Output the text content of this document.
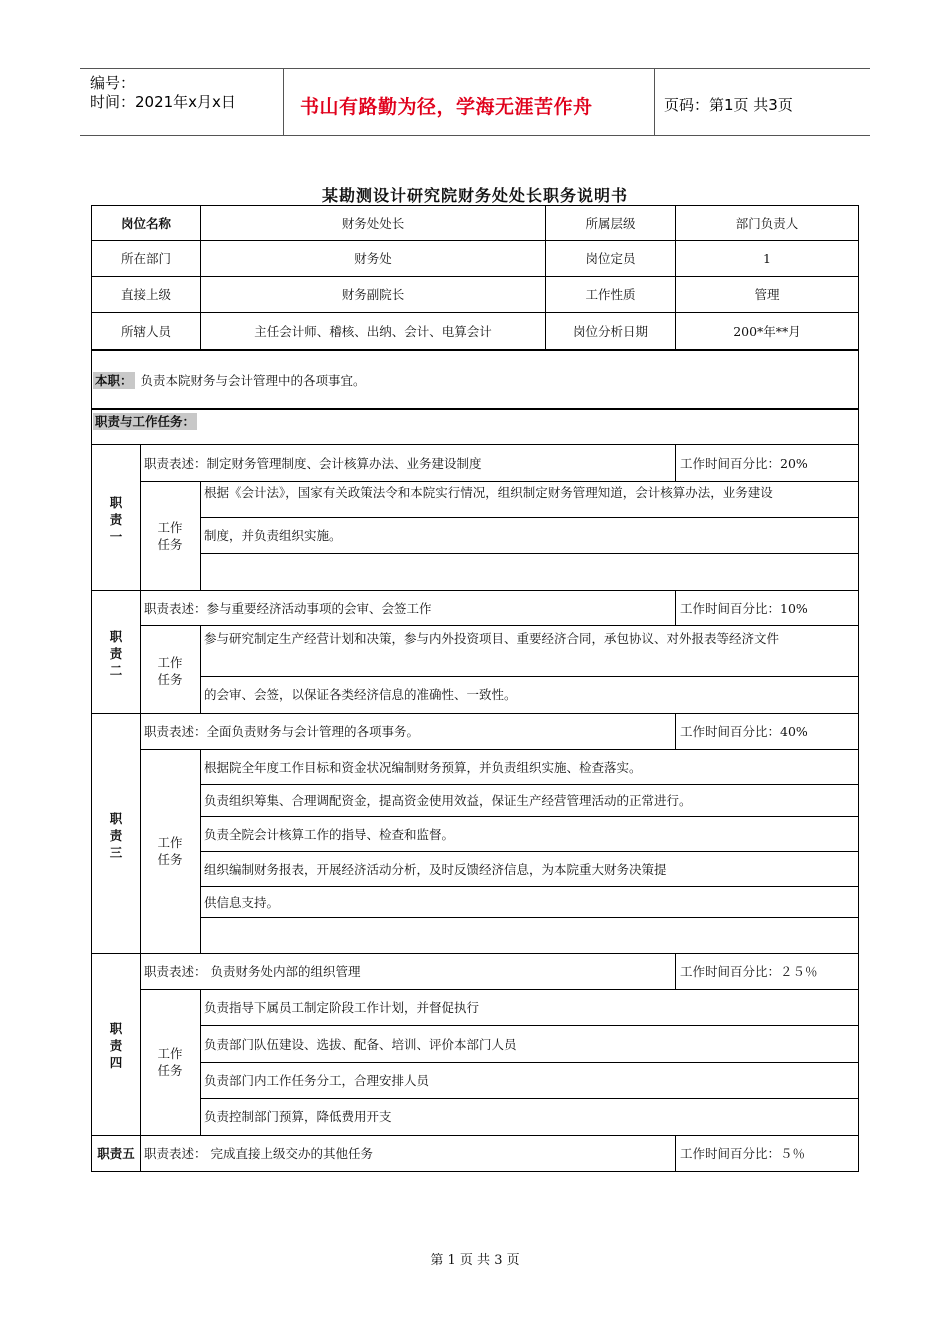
编号：
时间：2021年x月x日	书山有路勤为径，学海无涯苦作舟	页码：第1页 共3页
某勘测设计研究院财务处处长职务说明书
岗位名称	财务处处长	所属层级	部门负责人
所在部门	财务处	岗位定员	1
直接上级	财务副院长	工作性质	管理
所辖人员	主任会计师、稽核、出纳、会计、电算会计	岗位分析日期	200*年**月
本职： 负责本院财务与会计管理中的各项事宜。
职责与工作任务：
职
责
一
职责表述：制定财务管理制度、会计核算办法、业务建设制度	工作时间百分比：20%
工作
任务
根据《会计法》，国家有关政策法令和本院实行情况，组织制定财务管理知道，会计核算办法，业务建设
制度，并负责组织实施。
职
责
二
职责表述：参与重要经济活动事项的会审、会签工作	工作时间百分比：10%
工作
任务
参与研究制定生产经营计划和决策，参与内外投资项目、重要经济合同，承包协议、对外报表等经济文件
的会审、会签，以保证各类经济信息的准确性、一致性。
职
责
三
职责表述：全面负责财务与会计管理的各项事务。	工作时间百分比：40%
工作
任务
根据院全年度工作目标和资金状况编制财务预算，并负责组织实施、检查落实。
负责组织筹集、合理调配资金，提高资金使用效益，保证生产经营管理活动的正常进行。
负责全院会计核算工作的指导、检查和监督。
组织编制财务报表，开展经济活动分析，及时反馈经济信息，为本院重大财务决策提
供信息支持。
职
责
四
职责表述： 负责财务处内部的组织管理	工作时间百分比：２５％
工作
任务
负责指导下属员工制定阶段工作计划，并督促执行
负责部门队伍建设、选拔、配备、培训、评价本部门人员
负责部门内工作任务分工，合理安排人员
负责控制部门预算，降低费用开支
职责五 职责表述： 完成直接上级交办的其他任务	工作时间百分比：５％
第 1 页 共 3 页
